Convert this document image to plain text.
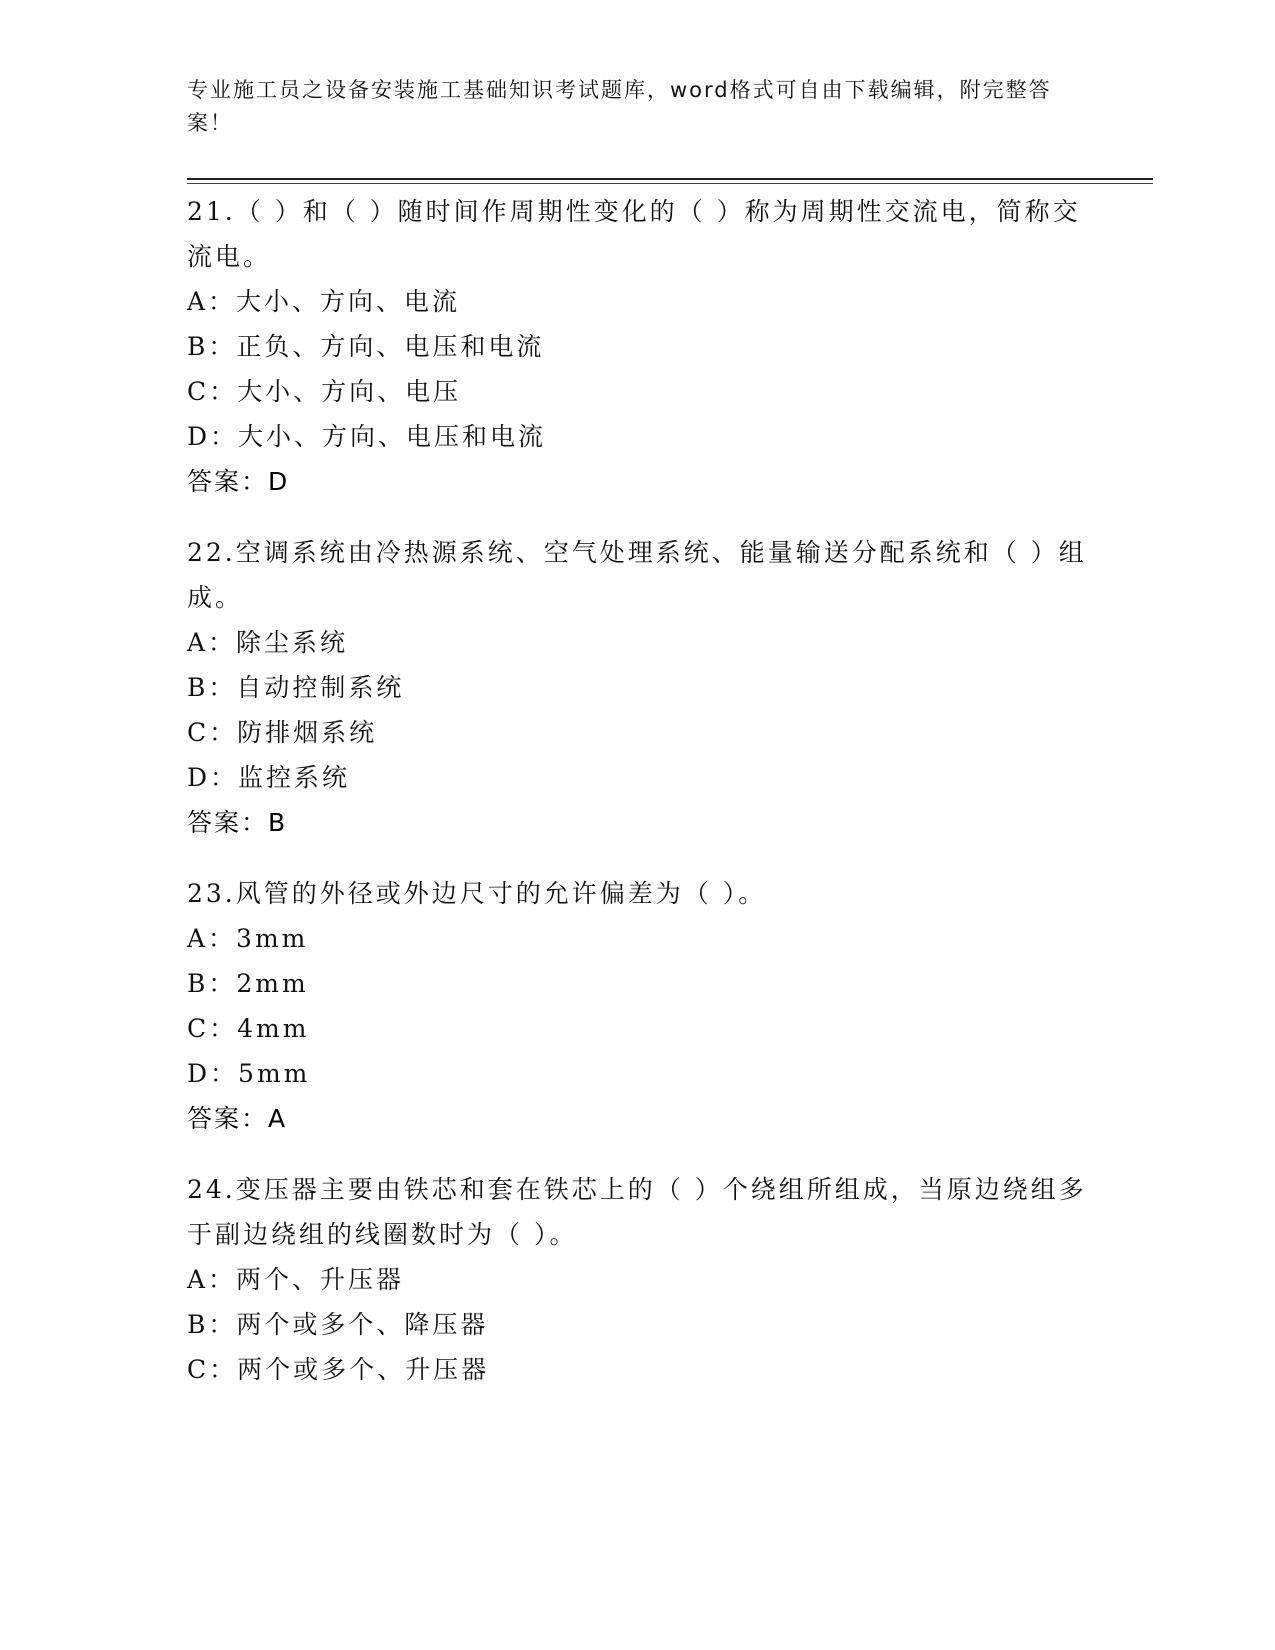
专业施工员之设备安装施工基础知识考试题库，word格式可自由下载编辑，附完整答案！
21.（ ）和（ ）随时间作周期性变化的（ ）称为周期性交流电，简称交流电。
A：大小、方向、电流
B：正负、方向、电压和电流
C：大小、方向、电压
D：大小、方向、电压和电流
答案：D
22.空调系统由冷热源系统、空气处理系统、能量输送分配系统和（ ）组成。
A：除尘系统
B：自动控制系统
C：防排烟系统
D：监控系统
答案：B
23.风管的外径或外边尺寸的允许偏差为（ ）。
A：3mm
B：2mm
C：4mm
D：5mm
答案：A
24.变压器主要由铁芯和套在铁芯上的（ ）个绕组所组成，当原边绕组多于副边绕组的线圈数时为（ ）。
A：两个、升压器
B：两个或多个、降压器
C：两个或多个、升压器
